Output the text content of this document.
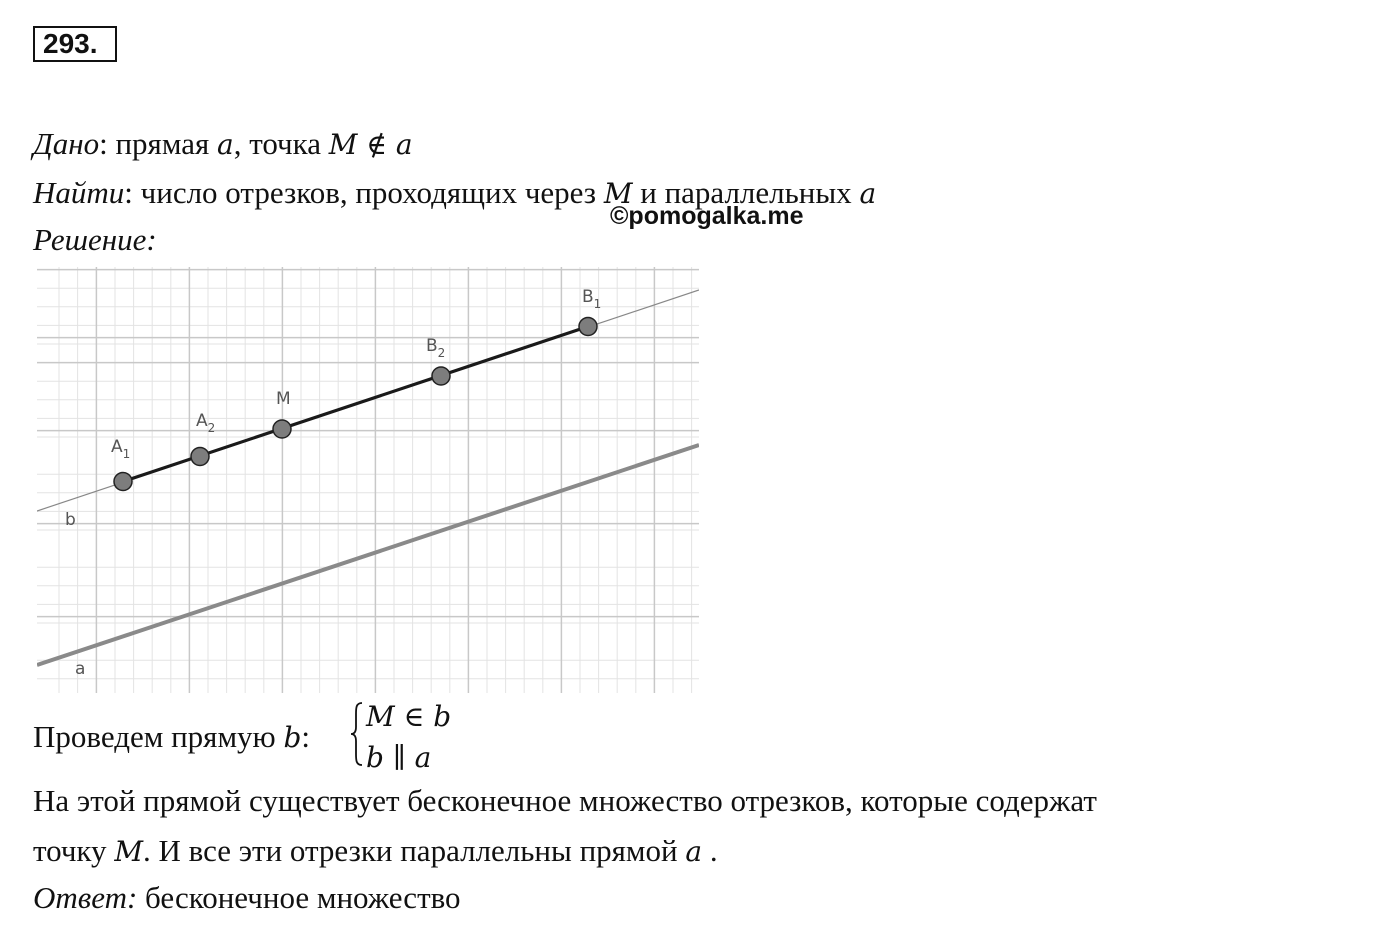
293.
Дано: прямая a, точка M ∉ a
Найти: число отрезков, проходящих через M и параллельных a
©pomogalka.me
Решение:
$A_1$
$A_2$
M
$B_2$
$B_1$
b
a
Проведем прямую b:
M ∈ b
b ∥ a
На этой прямой существует бесконечное множество отрезков, которые содержат
точку M. И все эти отрезки параллельны прямой a .
Ответ: бесконечное множество
